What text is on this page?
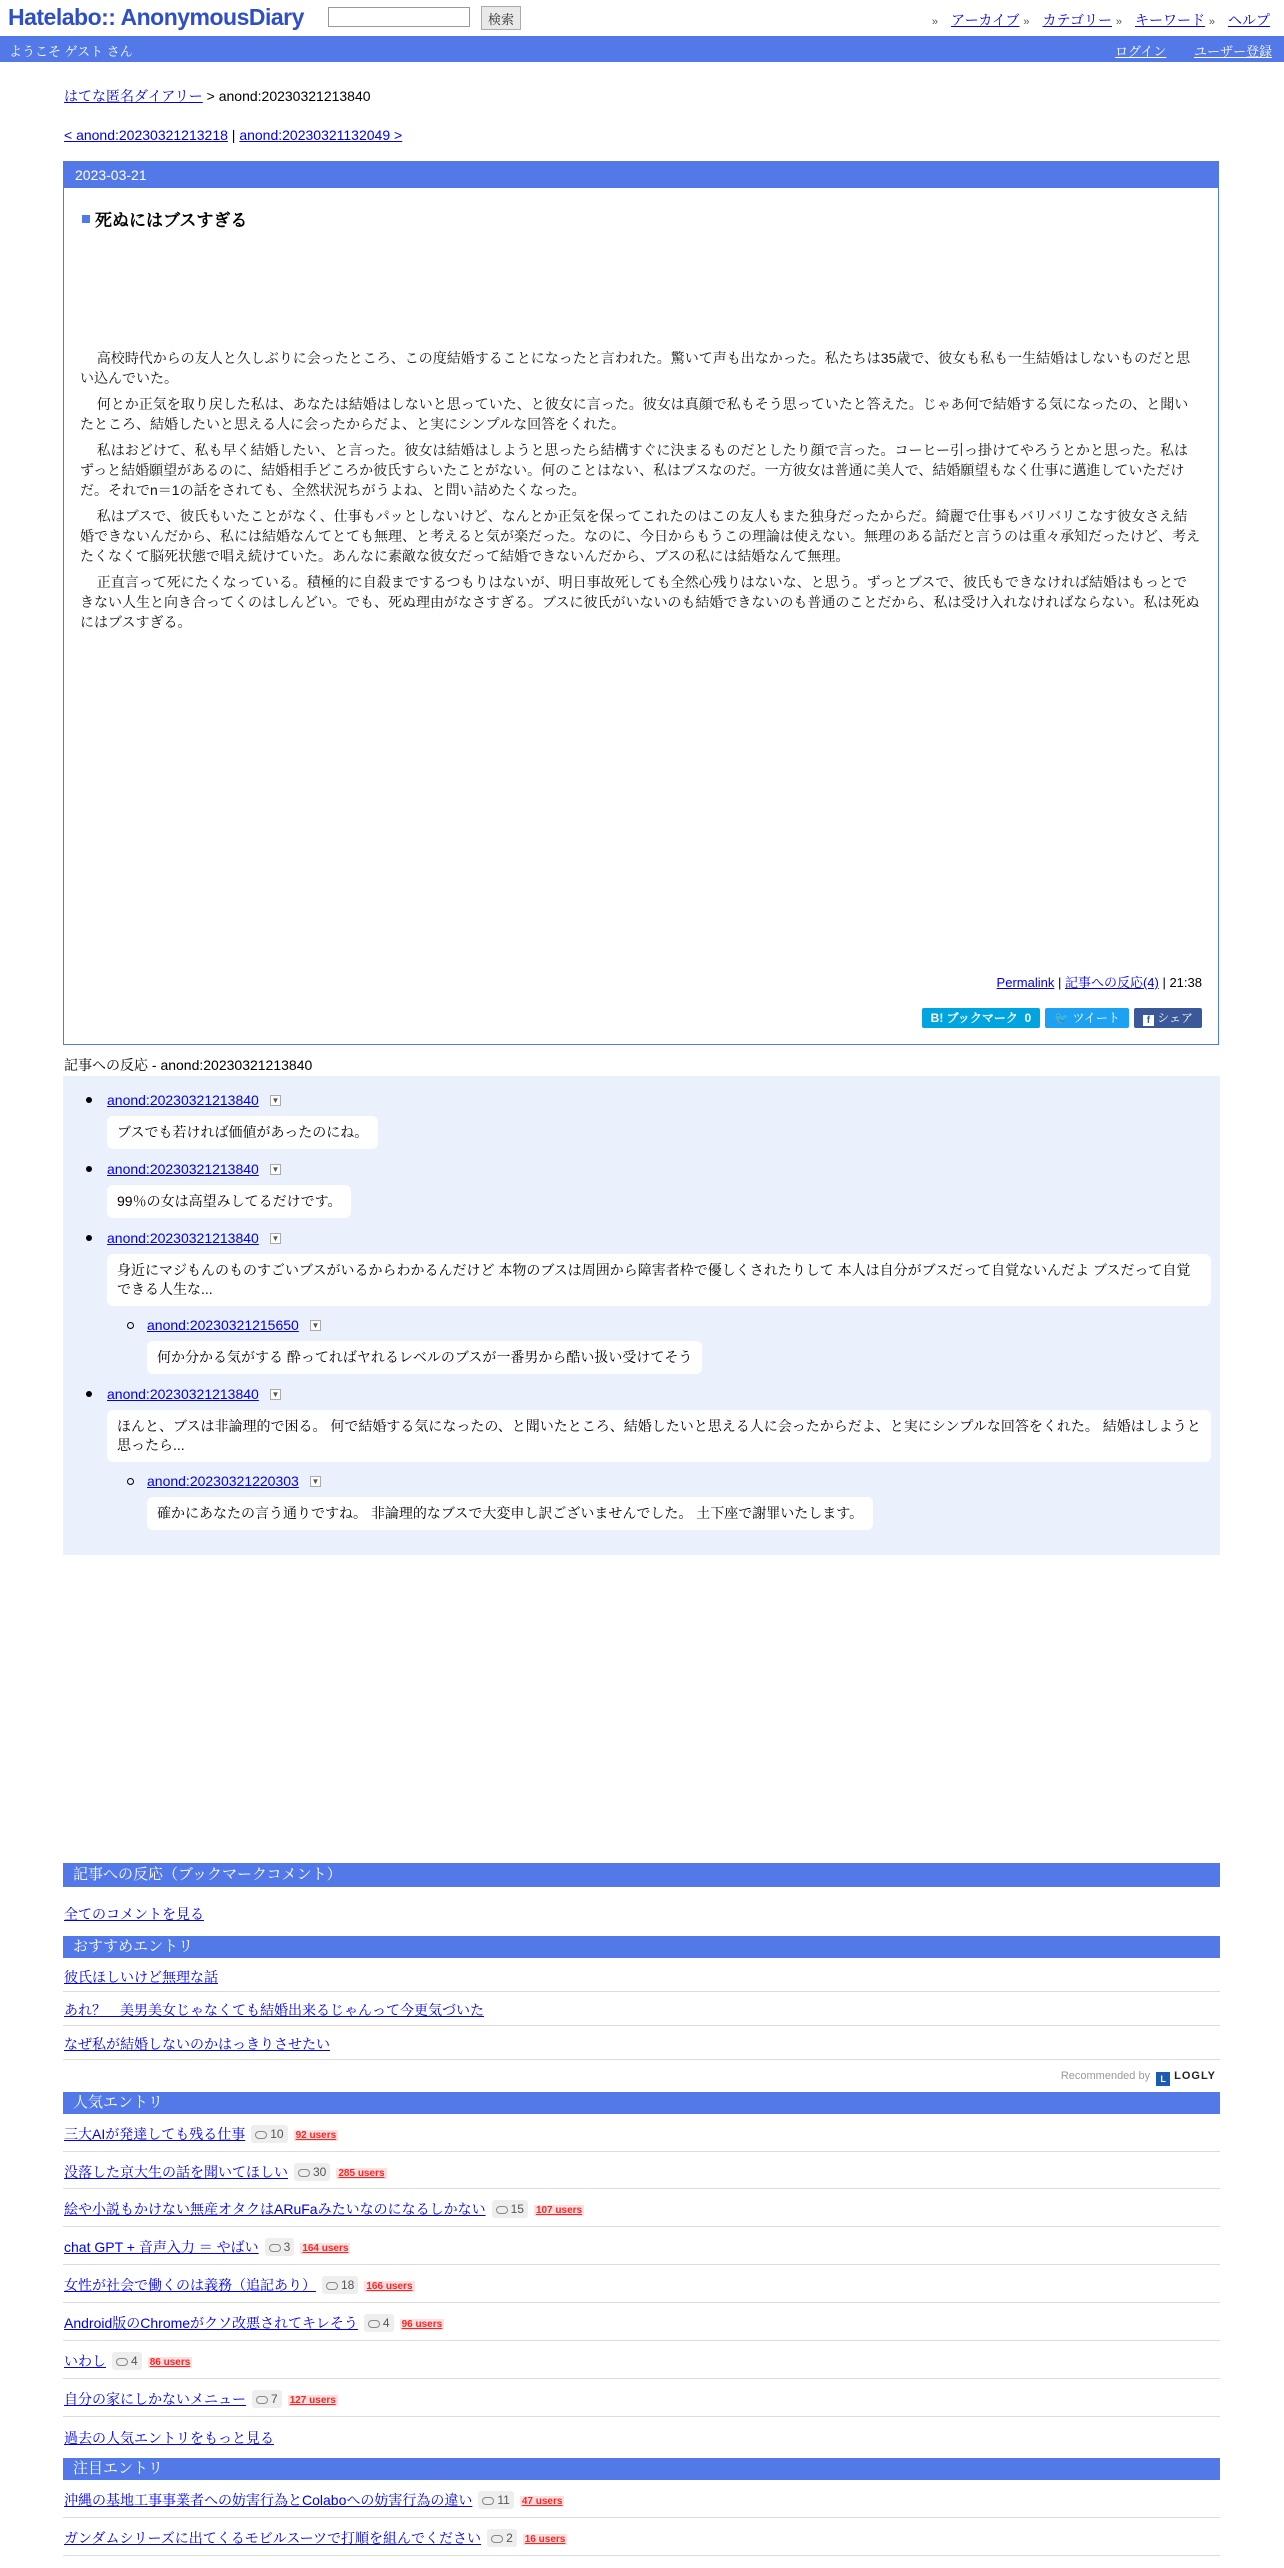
Hatelabo:: AnonymousDiary	検索	» アーカイブ » カテゴリー » キーワード » ヘルプ
ようこそ ゲスト さん	ログイン ユーザー登録
はてな匿名ダイアリー > anond:20230321213840
< anond:20230321213218 | anond:20230321132049 >
2023-03-21
死ぬにはブスすぎる

高校時代からの友人と久しぶりに会ったところ、この度結婚することになったと言われた。驚いて声も出なかった。私たちは35歳で、彼女も私も一生結婚はしないものだと思い込んでいた。

何とか正気を取り戻した私は、あなたは結婚はしないと思っていた、と彼女に言った。彼女は真顔で私もそう思っていたと答えた。じゃあ何で結婚する気になったの、と聞いたところ、結婚したいと思える人に会ったからだよ、と実にシンプルな回答をくれた。

私はおどけて、私も早く結婚したい、と言った。彼女は結婚はしようと思ったら結構すぐに決まるものだとしたり顔で言った。コーヒー引っ掛けてやろうとかと思った。私はずっと結婚願望があるのに、結婚相手どころか彼氏すらいたことがない。何のことはない、私はブスなのだ。一方彼女は普通に美人で、結婚願望もなく仕事に邁進していただけだ。それでn＝1の話をされても、全然状況ちがうよね、と問い詰めたくなった。

私はブスで、彼氏もいたことがなく、仕事もパッとしないけど、なんとか正気を保ってこれたのはこの友人もまた独身だったからだ。綺麗で仕事もバリバリこなす彼女さえ結婚できないんだから、私には結婚なんてとても無理、と考えると気が楽だった。なのに、今日からもうこの理論は使えない。無理のある話だと言うのは重々承知だったけど、考えたくなくて脳死状態で唱え続けていた。あんなに素敵な彼女だって結婚できないんだから、ブスの私には結婚なんて無理。

正直言って死にたくなっている。積極的に自殺までするつもりはないが、明日事故死しても全然心残りはないな、と思う。ずっとブスで、彼氏もできなければ結婚はもっとできない人生と向き合ってくのはしんどい。でも、死ぬ理由がなさすぎる。ブスに彼氏がいないのも結婚できないのも普通のことだから、私は受け入れなければならない。私は死ぬにはブスすぎる。

Permalink | 記事への反応(4) | 21:38
B! ブックマーク 0 🐦 ツイート	f シェア
記事への反応 - anond:20230321213840
anond:20230321213840 ▼
ブスでも若ければ価値があったのにね。
anond:20230321213840 ▼
99％の女は高望みしてるだけです。
anond:20230321213840 ▼
身近にマジもんのものすごいブスがいるからわかるんだけど 本物のブスは周囲から障害者枠で優しくされたりして 本人は自分がブスだって自覚ないんだよ ブスだって自覚できる人生な...
anond:20230321215650 ▼
何か分かる気がする 酔ってればヤれるレベルのブスが一番男から酷い扱い受けてそう
anond:20230321213840 ▼
ほんと、ブスは非論理的で困る。 何で結婚する気になったの、と聞いたところ、結婚したいと思える人に会ったからだよ、と実にシンプルな回答をくれた。 結婚はしようと思ったら...
anond:20230321220303 ▼
確かにあなたの言う通りですね。 非論理的なブスで大変申し訳ございませんでした。 土下座で謝罪いたします。
記事への反応（ブックマークコメント）
全てのコメントを見る
おすすめエントリ
彼氏ほしいけど無理な話
あれ？　美男美女じゃなくても結婚出来るじゃんって今更気づいた
なぜ私が結婚しないのかはっきりさせたい
Recommended by L LOGLY
人気エントリ
三大AIが発達しても残る仕事 10 92 users
没落した京大生の話を聞いてほしい 30 285 users
絵や小説もかけない無産オタクはARuFaみたいなのになるしかない 15 107 users
chat GPT + 音声入力 ＝ やばい 3 164 users
女性が社会で働くのは義務（追記あり） 18 166 users
Android版のChromeがクソ改悪されてキレそう 4 96 users
いわし 4 86 users
自分の家にしかないメニュー 7 127 users
過去の人気エントリをもっと見る
注目エントリ
沖縄の基地工事事業者への妨害行為とColaboへの妨害行為の違い 11 47 users
ガンダムシリーズに出てくるモビルスーツで打順を組んでください 2 16 users
